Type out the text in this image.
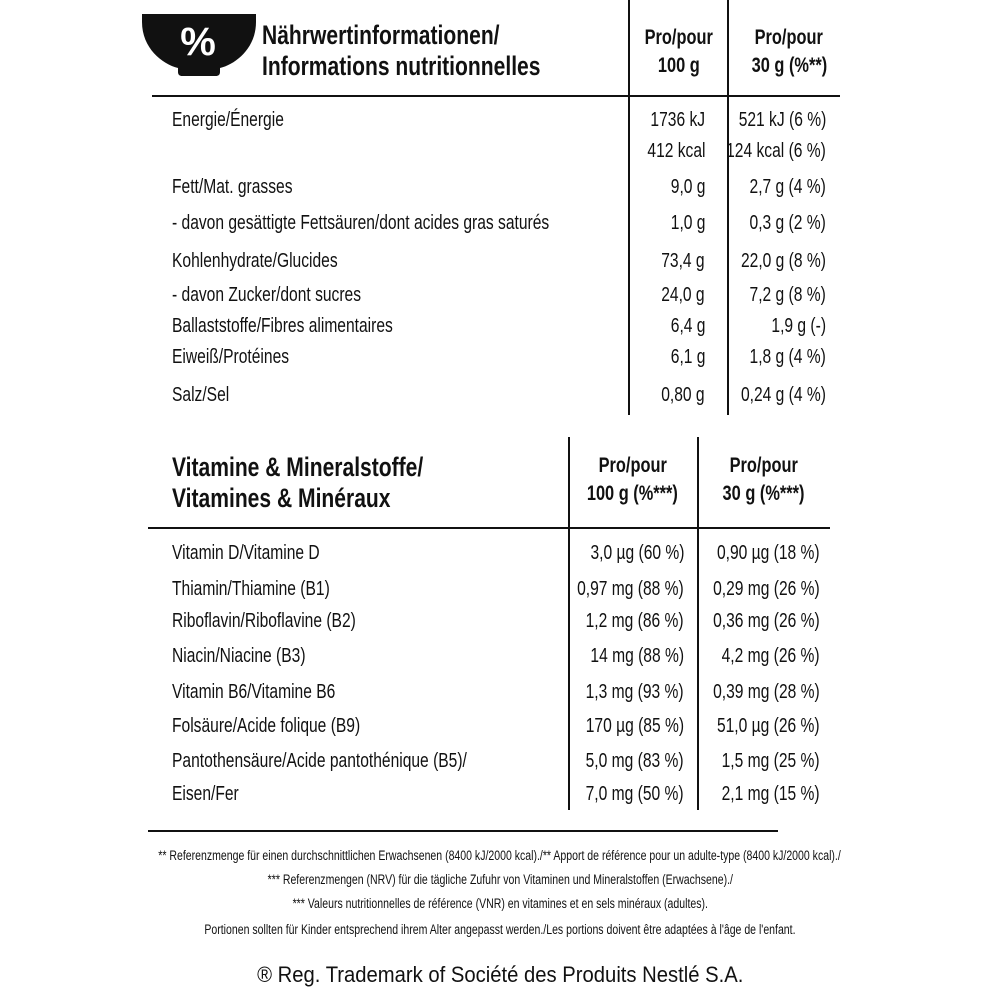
% Nährwertinformationen/
Informations nutritionnelles
Pro/pour
100 g
Pro/pour
30 g (%**)
Energie/Énergie	1736 kJ	521 kJ (6 %)
412 kcal	124 kcal (6 %)
Fett/Mat. grasses	9,0 g	2,7 g (4 %)
- davon gesättigte Fettsäuren/dont acides gras saturés	1,0 g	0,3 g (2 %)
Kohlenhydrate/Glucides	73,4 g	22,0 g (8 %)
- davon Zucker/dont sucres	24,0 g	7,2 g (8 %)
Ballaststoffe/Fibres alimentaires	6,4 g	1,9 g (-)
Eiweiß/Protéines	6,1 g	1,8 g (4 %)
Salz/Sel	0,80 g	0,24 g (4 %)
Vitamine & Mineralstoffe/
Vitamines & Minéraux
Pro/pour
100 g (%***)
Pro/pour
30 g (%***)
Vitamin D/Vitamine D	3,0 µg (60 %)	0,90 µg (18 %)
Thiamin/Thiamine (B1)	0,97 mg (88 %)	0,29 mg (26 %)
Riboflavin/Riboflavine (B2)	1,2 mg (86 %)	0,36 mg (26 %)
Niacin/Niacine (B3)	14 mg (88 %)	4,2 mg (26 %)
Vitamin B6/Vitamine B6	1,3 mg (93 %)	0,39 mg (28 %)
Folsäure/Acide folique (B9)	170 µg (85 %)	51,0 µg (26 %)
Pantothensäure/Acide pantothénique (B5)/	5,0 mg (83 %)	1,5 mg (25 %)
Eisen/Fer	7,0 mg (50 %)	2,1 mg (15 %)
** Referenzmenge für einen durchschnittlichen Erwachsenen (8400 kJ/2000 kcal)./** Apport de référence pour un adulte-type (8400 kJ/2000 kcal)./
*** Referenzmengen (NRV) für die tägliche Zufuhr von Vitaminen und Mineralstoffen (Erwachsene)./
*** Valeurs nutritionnelles de référence (VNR) en vitamines et en sels minéraux (adultes).
Portionen sollten für Kinder entsprechend ihrem Alter angepasst werden./Les portions doivent être adaptées à l'âge de l'enfant.
® Reg. Trademark of Société des Produits Nestlé S.A.
